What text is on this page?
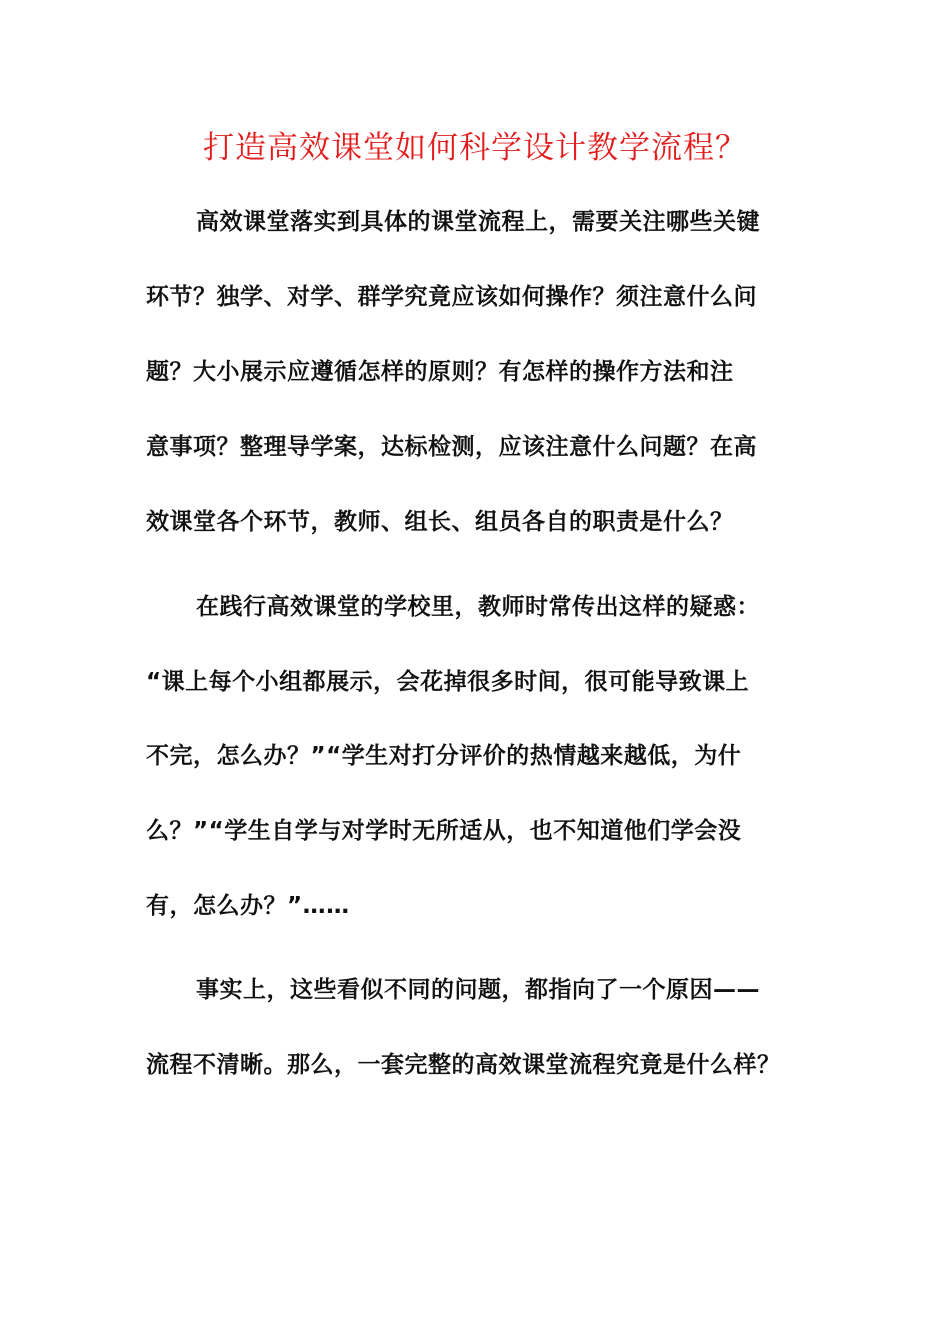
打造高效课堂如何科学设计教学流程？

高效课堂落实到具体的课堂流程上，需要关注哪些关键

环节？独学、对学、群学究竟应该如何操作？须注意什么问

题？大小展示应遵循怎样的原则？有怎样的操作方法和注

意事项？整理导学案，达标检测，应该注意什么问题？在高

效课堂各个环节，教师、组长、组员各自的职责是什么？

在践行高效课堂的学校里，教师时常传出这样的疑惑：

“课上每个小组都展示，会花掉很多时间，很可能导致课上

不完，怎么办？”“学生对打分评价的热情越来越低，为什

么？”“学生自学与对学时无所适从，也不知道他们学会没

有，怎么办？”……

事实上，这些看似不同的问题，都指向了一个原因——

流程不清晰。那么，一套完整的高效课堂流程究竟是什么样？
